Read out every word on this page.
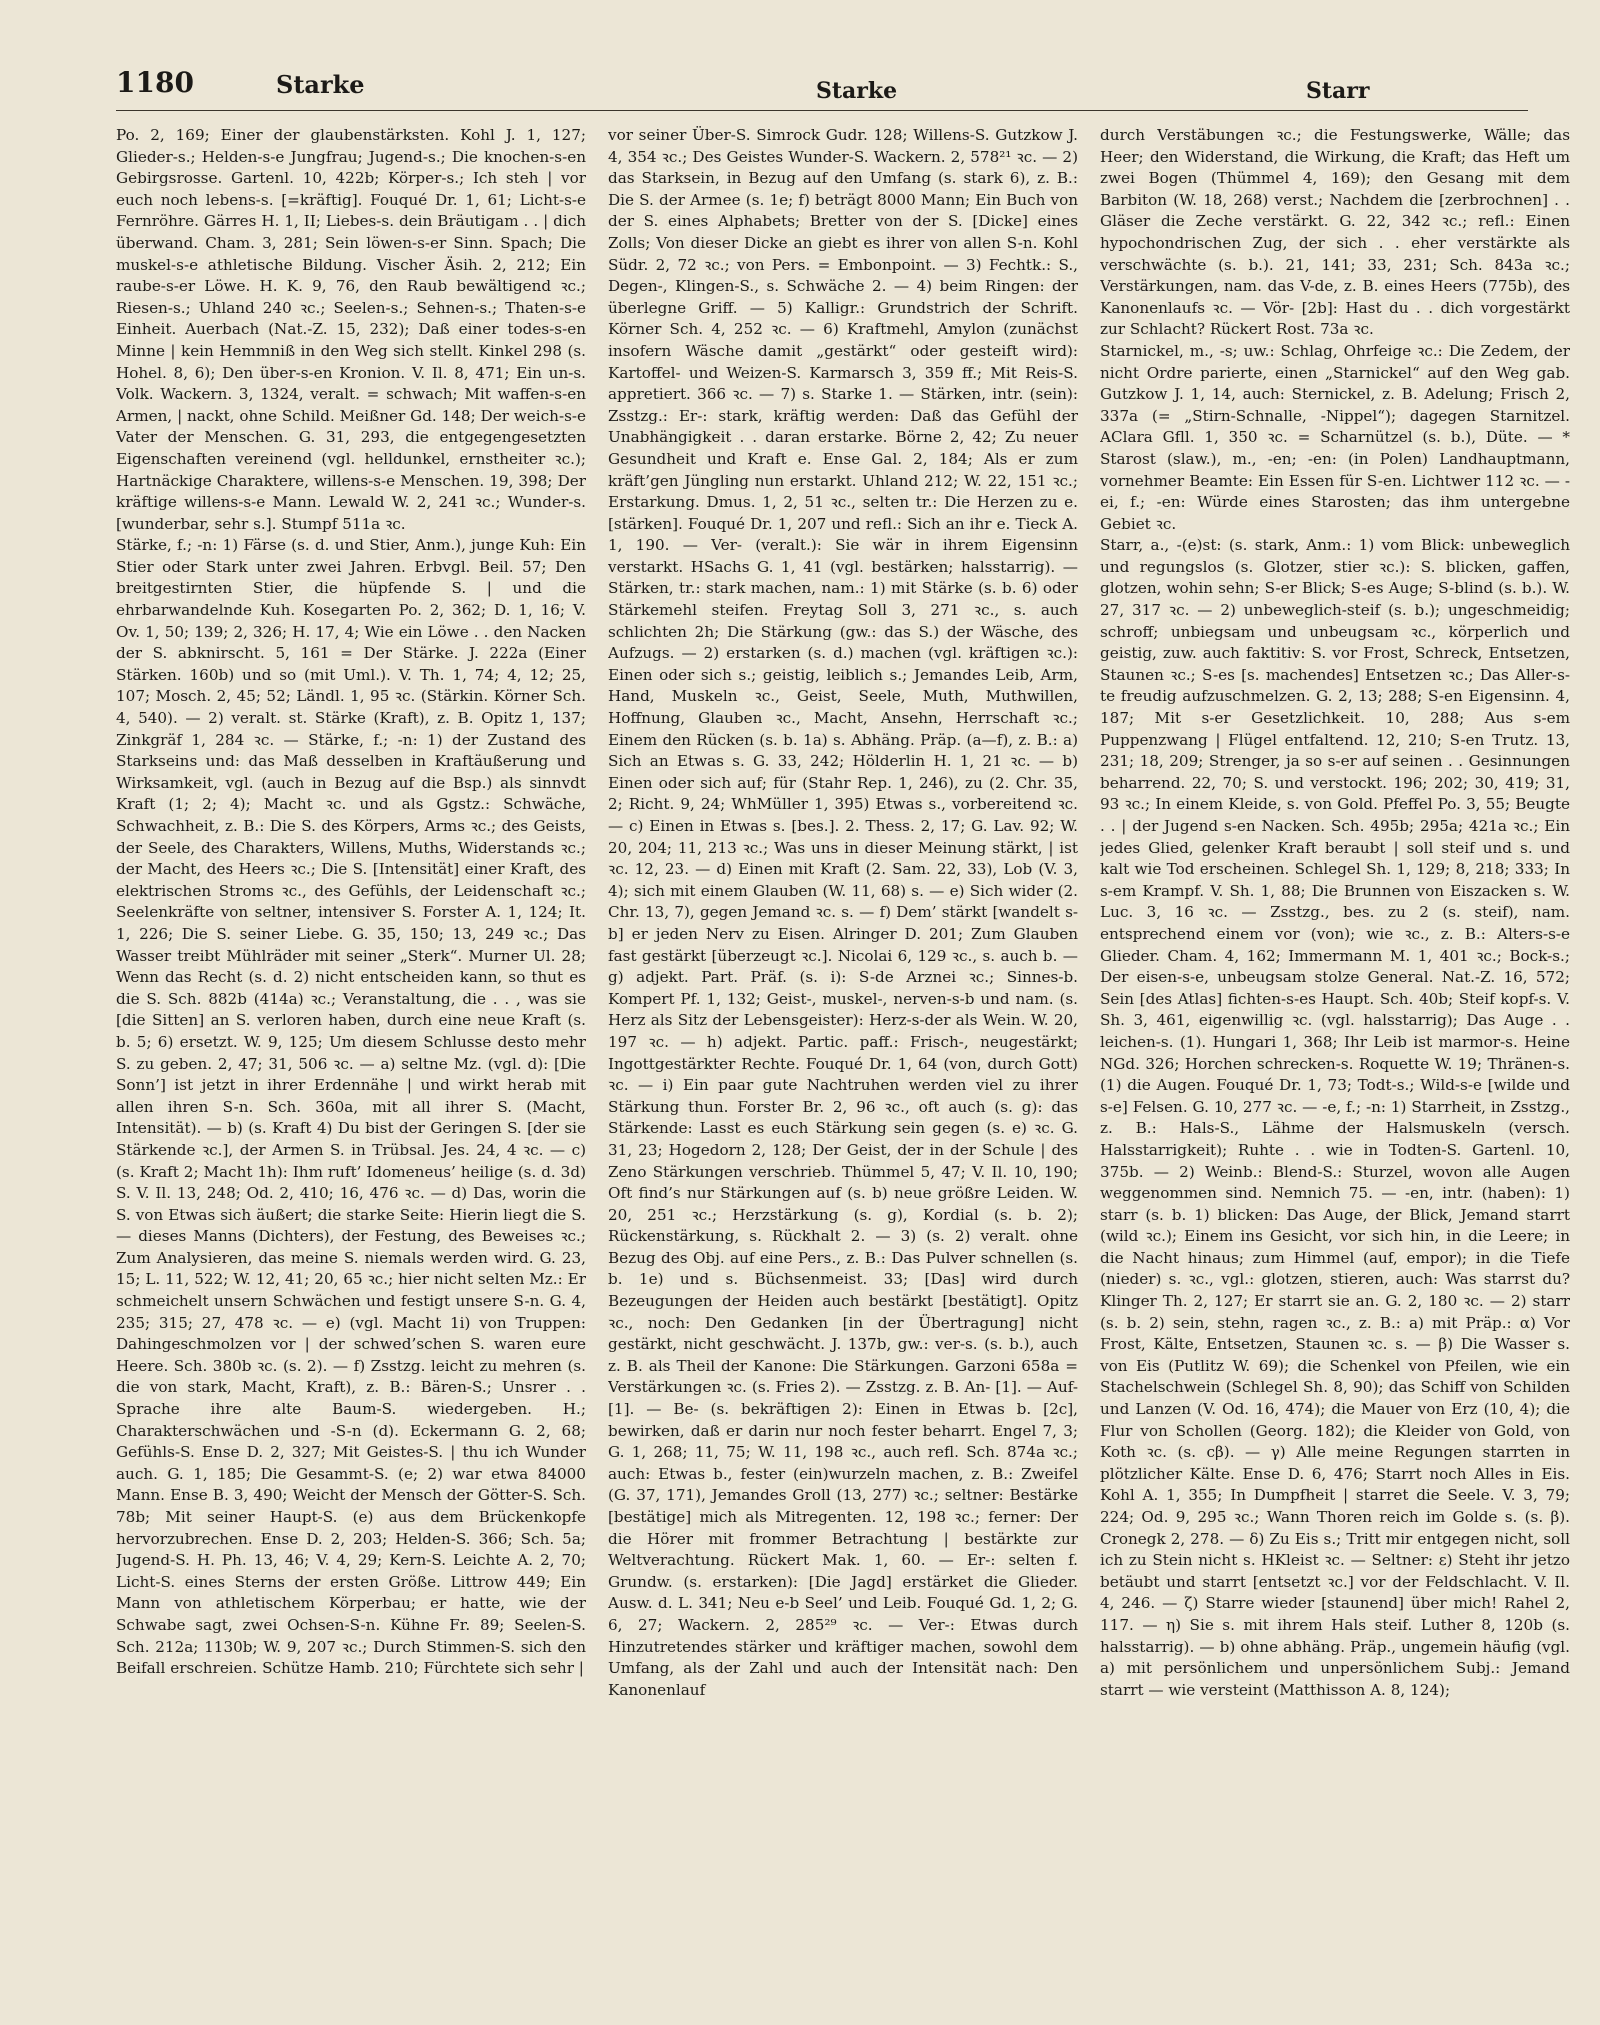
1180	Starke	Starke	Starr

Po. 2, 169; Einer der glaubenstärksten. Kohl J. 1, 127; Glieder-s.; Helden-s-e Jungfrau; Jugend-s.; Die knochen-s-en Gebirgsrosse. Gartenl. 10, 422b; Körper-s.; Ich steh | vor euch noch lebens-s. [=kräftig]. Fouqué Dr. 1, 61; Licht-s-e Fernröhre. Gärres H. 1, II; Liebes-s. dein Bräutigam . . | dich überwand. Cham. 3, 281; Sein löwen-s-er Sinn. Spach; Die muskel-s-e athletische Bildung. Vischer Äsih. 2, 212; Ein raube-s-er Löwe. H. K. 9, 76, den Raub bewältigend ꝛc.; Riesen-s.; Uhland 240 ꝛc.; Seelen-s.; Sehnen-s.; Thaten-s-e Einheit. Auerbach (Nat.-Z. 15, 232); Daß einer todes-s-en Minne | kein Hemmniß in den Weg sich stellt. Kinkel 298 (s. Hohel. 8, 6); Den über-s-en Kronion. V. Il. 8, 471; Ein un-s. Volk. Wackern. 3, 1324, veralt. = schwach; Mit waffen-s-en Armen, | nackt, ohne Schild. Meißner Gd. 148; Der weich-s-e Vater der Menschen. G. 31, 293, die entgegengesetzten Eigenschaften vereinend (vgl. helldunkel, ernstheiter ꝛc.); Hartnäckige Charaktere, willens-s-e Menschen. 19, 398; Der kräftige willens-s-e Mann. Lewald W. 2, 241 ꝛc.; Wunder-s. [wunderbar, sehr s.]. Stumpf 511a ꝛc.

Stärke, f.; -n: 1) Färse (s. d. und Stier, Anm.), junge Kuh: Ein Stier oder Stark unter zwei Jahren. Erbvgl. Beil. 57; Den breitgestirnten Stier, die hüpfende S. | und die ehrbarwandelnde Kuh. Kosegarten Po. 2, 362; D. 1, 16; V. Ov. 1, 50; 139; 2, 326; H. 17, 4; Wie ein Löwe . . den Nacken der S. abknirscht. 5, 161 = Der Stärke. J. 222a (Einer Stärken. 160b) und so (mit Uml.). V. Th. 1, 74; 4, 12; 25, 107; Mosch. 2, 45; 52; Ländl. 1, 95 ꝛc. (Stärkin. Körner Sch. 4, 540). — 2) veralt. st. Stärke (Kraft), z. B. Opitz 1, 137; Zinkgräf 1, 284 ꝛc. — Stärke, f.; -n: 1) der Zustand des Starkseins und: das Maß desselben in Kraftäußerung und Wirksamkeit, vgl. (auch in Bezug auf die Bsp.) als sinnvdt Kraft (1; 2; 4); Macht ꝛc. und als Ggstz.: Schwäche, Schwachheit, z. B.: Die S. des Körpers, Arms ꝛc.; des Geists, der Seele, des Charakters, Willens, Muths, Widerstands ꝛc.; der Macht, des Heers ꝛc.; Die S. [Intensität] einer Kraft, des elektrischen Stroms ꝛc., des Gefühls, der Leidenschaft ꝛc.; Seelenkräfte von seltner, intensiver S. Forster A. 1, 124; It. 1, 226; Die S. seiner Liebe. G. 35, 150; 13, 249 ꝛc.; Das Wasser treibt Mühlräder mit seiner „Sterk“. Murner Ul. 28; Wenn das Recht (s. d. 2) nicht entscheiden kann, so thut es die S. Sch. 882b (414a) ꝛc.; Veranstaltung, die . . , was sie [die Sitten] an S. verloren haben, durch eine neue Kraft (s. b. 5; 6) ersetzt. W. 9, 125; Um diesem Schlusse desto mehr S. zu geben. 2, 47; 31, 506 ꝛc. — a) seltne Mz. (vgl. d): [Die Sonn’] ist jetzt in ihrer Erdennähe | und wirkt herab mit allen ihren S-n. Sch. 360a, mit all ihrer S. (Macht, Intensität). — b) (s. Kraft 4) Du bist der Geringen S. [der sie Stärkende ꝛc.], der Armen S. in Trübsal. Jes. 24, 4 ꝛc. — c) (s. Kraft 2; Macht 1h): Ihm ruft’ Idomeneus’ heilige (s. d. 3d) S. V. Il. 13, 248; Od. 2, 410; 16, 476 ꝛc. — d) Das, worin die S. von Etwas sich äußert; die starke Seite: Hierin liegt die S. — dieses Manns (Dichters), der Festung, des Beweises ꝛc.; Zum Analysieren, das meine S. niemals werden wird. G. 23, 15; L. 11, 522; W. 12, 41; 20, 65 ꝛc.; hier nicht selten Mz.: Er schmeichelt unsern Schwächen und festigt unsere S-n. G. 4, 235; 315; 27, 478 ꝛc. — e) (vgl. Macht 1i) von Truppen: Dahingeschmolzen vor | der schwed’schen S. waren eure Heere. Sch. 380b ꝛc. (s. 2). — f) Zsstzg. leicht zu mehren (s. die von stark, Macht, Kraft), z. B.: Bären-S.; Unsrer . . Sprache ihre alte Baum-S. wiedergeben. H.; Charakterschwächen und -S-n (d). Eckermann G. 2, 68; Gefühls-S. Ense D. 2, 327; Mit Geistes-S. | thu ich Wunder auch. G. 1, 185; Die Gesammt-S. (e; 2) war etwa 84000 Mann. Ense B. 3, 490; Weicht der Mensch der Götter-S. Sch. 78b; Mit seiner Haupt-S. (e) aus dem Brückenkopfe hervorzubrechen. Ense D. 2, 203; Helden-S. 366; Sch. 5a; Jugend-S. H. Ph. 13, 46; V. 4, 29; Kern-S. Leichte A. 2, 70; Licht-S. eines Sterns der ersten Größe. Littrow 449; Ein Mann von athletischem Körperbau; er hatte, wie der Schwabe sagt, zwei Ochsen-S-n. Kühne Fr. 89; Seelen-S. Sch. 212a; 1130b; W. 9, 207 ꝛc.; Durch Stimmen-S. sich den Beifall erschreien. Schütze Hamb. 210; Fürchtete sich sehr |

vor seiner Über-S. Simrock Gudr. 128; Willens-S. Gutzkow J. 4, 354 ꝛc.; Des Geistes Wunder-S. Wackern. 2, 578²¹ ꝛc. — 2) das Starksein, in Bezug auf den Umfang (s. stark 6), z. B.: Die S. der Armee (s. 1e; f) beträgt 8000 Mann; Ein Buch von der S. eines Alphabets; Bretter von der S. [Dicke] eines Zolls; Von dieser Dicke an giebt es ihrer von allen S-n. Kohl Südr. 2, 72 ꝛc.; von Pers. = Embonpoint. — 3) Fechtk.: S., Degen-, Klingen-S., s. Schwäche 2. — 4) beim Ringen: der überlegne Griff. — 5) Kalligr.: Grundstrich der Schrift. Körner Sch. 4, 252 ꝛc. — 6) Kraftmehl, Amylon (zunächst insofern Wäsche damit „gestärkt“ oder gesteift wird): Kartoffel- und Weizen-S. Karmarsch 3, 359 ff.; Mit Reis-S. appretiert. 366 ꝛc. — 7) s. Starke 1. — Stärken, intr. (sein): Zsstzg.: Er-: stark, kräftig werden: Daß das Gefühl der Unabhängigkeit . . daran erstarke. Börne 2, 42; Zu neuer Gesundheit und Kraft e. Ense Gal. 2, 184; Als er zum kräft’gen Jüngling nun erstarkt. Uhland 212; W. 22, 151 ꝛc.; Erstarkung. Dmus. 1, 2, 51 ꝛc., selten tr.: Die Herzen zu e. [stärken]. Fouqué Dr. 1, 207 und refl.: Sich an ihr e. Tieck A. 1, 190. — Ver- (veralt.): Sie wär in ihrem Eigensinn verstarkt. HSachs G. 1, 41 (vgl. bestärken; halsstarrig). — Stärken, tr.: stark machen, nam.: 1) mit Stärke (s. b. 6) oder Stärkemehl steifen. Freytag Soll 3, 271 ꝛc., s. auch schlichten 2h; Die Stärkung (gw.: das S.) der Wäsche, des Aufzugs. — 2) erstarken (s. d.) machen (vgl. kräftigen ꝛc.): Einen oder sich s.; geistig, leiblich s.; Jemandes Leib, Arm, Hand, Muskeln ꝛc., Geist, Seele, Muth, Muthwillen, Hoffnung, Glauben ꝛc., Macht, Ansehn, Herrschaft ꝛc.; Einem den Rücken (s. b. 1a) s. Abhäng. Präp. (a—f), z. B.: a) Sich an Etwas s. G. 33, 242; Hölderlin H. 1, 21 ꝛc. — b) Einen oder sich auf; für (Stahr Rep. 1, 246), zu (2. Chr. 35, 2; Richt. 9, 24; WhMüller 1, 395) Etwas s., vorbereitend ꝛc. — c) Einen in Etwas s. [bes.]. 2. Thess. 2, 17; G. Lav. 92; W. 20, 204; 11, 213 ꝛc.; Was uns in dieser Meinung stärkt, | ist ꝛc. 12, 23. — d) Einen mit Kraft (2. Sam. 22, 33), Lob (V. 3, 4); sich mit einem Glauben (W. 11, 68) s. — e) Sich wider (2. Chr. 13, 7), gegen Jemand ꝛc. s. — f) Dem’ stärkt [wandelt s-b] er jeden Nerv zu Eisen. Alringer D. 201; Zum Glauben fast gestärkt [überzeugt ꝛc.]. Nicolai 6, 129 ꝛc., s. auch b. — g) adjekt. Part. Präf. (s. i): S-de Arznei ꝛc.; Sinnes-b. Kompert Pf. 1, 132; Geist-, muskel-, nerven-s-b und nam. (s. Herz als Sitz der Lebensgeister): Herz-s-der als Wein. W. 20, 197 ꝛc. — h) adjekt. Partic. paff.: Frisch-, neugestärkt; Ingottgestärkter Rechte. Fouqué Dr. 1, 64 (von, durch Gott) ꝛc. — i) Ein paar gute Nachtruhen werden viel zu ihrer Stärkung thun. Forster Br. 2, 96 ꝛc., oft auch (s. g): das Stärkende: Lasst es euch Stärkung sein gegen (s. e) ꝛc. G. 31, 23; Hogedorn 2, 128; Der Geist, der in der Schule | des Zeno Stärkungen verschrieb. Thümmel 5, 47; V. Il. 10, 190; Oft find’s nur Stärkungen auf (s. b) neue größre Leiden. W. 20, 251 ꝛc.; Herzstärkung (s. g), Kordial (s. b. 2); Rückenstärkung, s. Rückhalt 2. — 3) (s. 2) veralt. ohne Bezug des Obj. auf eine Pers., z. B.: Das Pulver schnellen (s. b. 1e) und s. Büchsenmeist. 33; [Das] wird durch Bezeugungen der Heiden auch bestärkt [bestätigt]. Opitz ꝛc., noch: Den Gedanken [in der Übertragung] nicht gestärkt, nicht geschwächt. J. 137b, gw.: ver-s. (s. b.), auch z. B. als Theil der Kanone: Die Stärkungen. Garzoni 658a = Verstärkungen ꝛc. (s. Fries 2). — Zsstzg. z. B. An- [1]. — Auf- [1]. — Be- (s. bekräftigen 2): Einen in Etwas b. [2c], bewirken, daß er darin nur noch fester beharrt. Engel 7, 3; G. 1, 268; 11, 75; W. 11, 198 ꝛc., auch refl. Sch. 874a ꝛc.; auch: Etwas b., fester (ein)wurzeln machen, z. B.: Zweifel (G. 37, 171), Jemandes Groll (13, 277) ꝛc.; seltner: Bestärke [bestätige] mich als Mitregenten. 12, 198 ꝛc.; ferner: Der die Hörer mit frommer Betrachtung | bestärkte zur Weltverachtung. Rückert Mak. 1, 60. — Er-: selten f. Grundw. (s. erstarken): [Die Jagd] erstärket die Glieder. Ausw. d. L. 341; Neu e-b Seel’ und Leib. Fouqué Gd. 1, 2; G. 6, 27; Wackern. 2, 285²⁹ ꝛc. — Ver-: Etwas durch Hinzutretendes stärker und kräftiger machen, sowohl dem Umfang, als der Zahl und auch der Intensität nach: Den Kanonenlauf

durch Verstäbungen ꝛc.; die Festungswerke, Wälle; das Heer; den Widerstand, die Wirkung, die Kraft; das Heft um zwei Bogen (Thümmel 4, 169); den Gesang mit dem Barbiton (W. 18, 268) verst.; Nachdem die [zerbrochnen] . . Gläser die Zeche verstärkt. G. 22, 342 ꝛc.; refl.: Einen hypochondrischen Zug, der sich . . eher verstärkte als verschwächte (s. b.). 21, 141; 33, 231; Sch. 843a ꝛc.; Verstärkungen, nam. das V-de, z. B. eines Heers (775b), des Kanonenlaufs ꝛc. — Vör- [2b]: Hast du . . dich vorgestärkt zur Schlacht? Rückert Rost. 73a ꝛc.

Starnickel, m., -s; uw.: Schlag, Ohrfeige ꝛc.: Die Zedem, der nicht Ordre parierte, einen „Starnickel“ auf den Weg gab. Gutzkow J. 1, 14, auch: Sternickel, z. B. Adelung; Frisch 2, 337a (= „Stirn-Schnalle, -Nippel“); dagegen Starnitzel. AClara Gfll. 1, 350 ꝛc. = Scharnützel (s. b.), Düte. — * Starost (slaw.), m., -en; -en: (in Polen) Landhauptmann, vornehmer Beamte: Ein Essen für S-en. Lichtwer 112 ꝛc. — -ei, f.; -en: Würde eines Starosten; das ihm untergebne Gebiet ꝛc.

Starr, a., -(e)st: (s. stark, Anm.: 1) vom Blick: unbeweglich und regungslos (s. Glotzer, stier ꝛc.): S. blicken, gaffen, glotzen, wohin sehn; S-er Blick; S-es Auge; S-blind (s. b.). W. 27, 317 ꝛc. — 2) unbeweglich-steif (s. b.); ungeschmeidig; schroff; unbiegsam und unbeugsam ꝛc., körperlich und geistig, zuw. auch faktitiv: S. vor Frost, Schreck, Entsetzen, Staunen ꝛc.; S-es [s. machendes] Entsetzen ꝛc.; Das Aller-s-te freudig aufzuschmelzen. G. 2, 13; 288; S-en Eigensinn. 4, 187; Mit s-er Gesetzlichkeit. 10, 288; Aus s-em Puppenzwang | Flügel entfaltend. 12, 210; S-en Trutz. 13, 231; 18, 209; Strenger, ja so s-er auf seinen . . Gesinnungen beharrend. 22, 70; S. und verstockt. 196; 202; 30, 419; 31, 93 ꝛc.; In einem Kleide, s. von Gold. Pfeffel Po. 3, 55; Beugte . . | der Jugend s-en Nacken. Sch. 495b; 295a; 421a ꝛc.; Ein jedes Glied, gelenker Kraft beraubt | soll steif und s. und kalt wie Tod erscheinen. Schlegel Sh. 1, 129; 8, 218; 333; In s-em Krampf. V. Sh. 1, 88; Die Brunnen von Eiszacken s. W. Luc. 3, 16 ꝛc. — Zsstzg., bes. zu 2 (s. steif), nam. entsprechend einem vor (von); wie ꝛc., z. B.: Alters-s-e Glieder. Cham. 4, 162; Immermann M. 1, 401 ꝛc.; Bock-s.; Der eisen-s-e, unbeugsam stolze General. Nat.-Z. 16, 572; Sein [des Atlas] fichten-s-es Haupt. Sch. 40b; Steif kopf-s. V. Sh. 3, 461, eigenwillig ꝛc. (vgl. halsstarrig); Das Auge . . leichen-s. (1). Hungari 1, 368; Ihr Leib ist marmor-s. Heine NGd. 326; Horchen schrecken-s. Roquette W. 19; Thränen-s. (1) die Augen. Fouqué Dr. 1, 73; Todt-s.; Wild-s-e [wilde und s-e] Felsen. G. 10, 277 ꝛc. — -e, f.; -n: 1) Starrheit, in Zsstzg., z. B.: Hals-S., Lähme der Halsmuskeln (versch. Halsstarrigkeit); Ruhte . . wie in Todten-S. Gartenl. 10, 375b. — 2) Weinb.: Blend-S.: Sturzel, wovon alle Augen weggenommen sind. Nemnich 75. — -en, intr. (haben): 1) starr (s. b. 1) blicken: Das Auge, der Blick, Jemand starrt (wild ꝛc.); Einem ins Gesicht, vor sich hin, in die Leere; in die Nacht hinaus; zum Himmel (auf, empor); in die Tiefe (nieder) s. ꝛc., vgl.: glotzen, stieren, auch: Was starrst du? Klinger Th. 2, 127; Er starrt sie an. G. 2, 180 ꝛc. — 2) starr (s. b. 2) sein, stehn, ragen ꝛc., z. B.: a) mit Präp.: α) Vor Frost, Kälte, Entsetzen, Staunen ꝛc. s. — β) Die Wasser s. von Eis (Putlitz W. 69); die Schenkel von Pfeilen, wie ein Stachelschwein (Schlegel Sh. 8, 90); das Schiff von Schilden und Lanzen (V. Od. 16, 474); die Mauer von Erz (10, 4); die Flur von Schollen (Georg. 182); die Kleider von Gold, von Koth ꝛc. (s. cβ). — γ) Alle meine Regungen starrten in plötzlicher Kälte. Ense D. 6, 476; Starrt noch Alles in Eis. Kohl A. 1, 355; In Dumpfheit | starret die Seele. V. 3, 79; 224; Od. 9, 295 ꝛc.; Wann Thoren reich im Golde s. (s. β). Cronegk 2, 278. — δ) Zu Eis s.; Tritt mir entgegen nicht, soll ich zu Stein nicht s. HKleist ꝛc. — Seltner: ε) Steht ihr jetzo betäubt und starrt [entsetzt ꝛc.] vor der Feldschlacht. V. Il. 4, 246. — ζ) Starre wieder [staunend] über mich! Rahel 2, 117. — η) Sie s. mit ihrem Hals steif. Luther 8, 120b (s. halsstarrig). — b) ohne abhäng. Präp., ungemein häufig (vgl. a) mit persönlichem und unpersönlichem Subj.: Jemand starrt — wie versteint (Matthisson A. 8, 124);
